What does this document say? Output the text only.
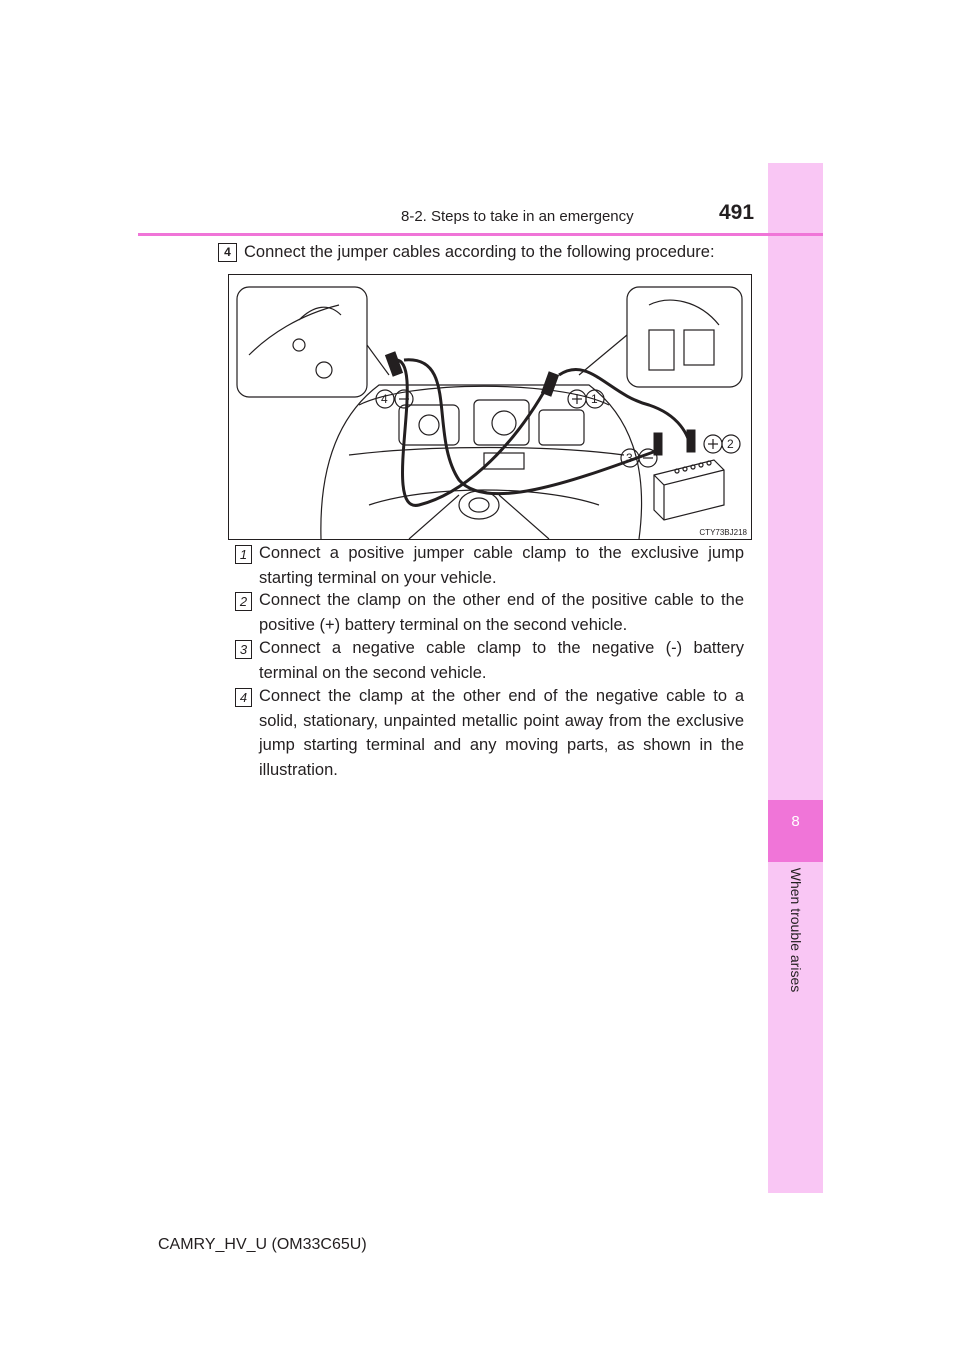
8
When trouble arises
8-2. Steps to take in an emergency	491
4 Connect the jumper cables according to the following procedure:
4	1
3
2
CTY73BJ218
1 Connect a positive jumper cable clamp to the exclusive jump starting terminal on your vehicle.
2 Connect the clamp on the other end of the positive cable to the positive (+) battery terminal on the second vehicle.
3 Connect a negative cable clamp to the negative (-) battery terminal on the second vehicle.
4 Connect the clamp at the other end of the negative cable to a solid, stationary, unpainted metallic point away from the exclusive jump starting terminal and any moving parts, as shown in the illustration.
CAMRY_HV_U (OM33C65U)
